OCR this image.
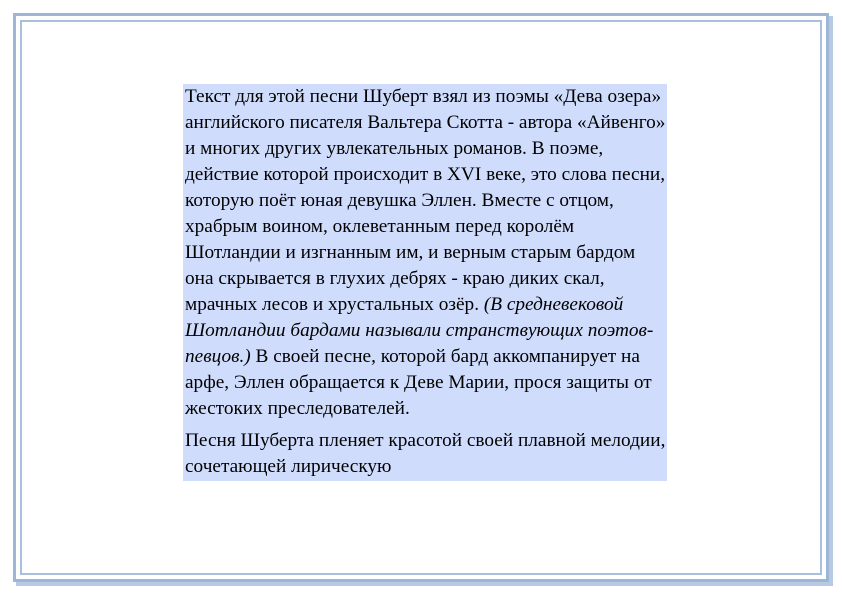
Текст для этой песни Шуберт взял из поэмы «Дева озера» английского писателя Вальтера Скотта - автора «Айвенго» и многих других увлекательных романов. В поэме, действие которой происходит в XVI веке, это слова песни, которую поёт юная девушка Эллен. Вместе с отцом, храбрым воином, оклеветанным перед королём Шотландии и изгнанным им, и верным старым бардом она скрывается в глухих дебрях - краю диких скал, мрачных лесов и хрустальных озёр. (В средневековой Шотландии бардами называли странствующих поэтов-певцов.) В своей песне, которой бард аккомпанирует на арфе, Эллен обращается к Деве Марии, прося защиты от жестоких преследователей.

Песня Шуберта пленяет красотой своей плавной мелодии, сочетающей лирическую
